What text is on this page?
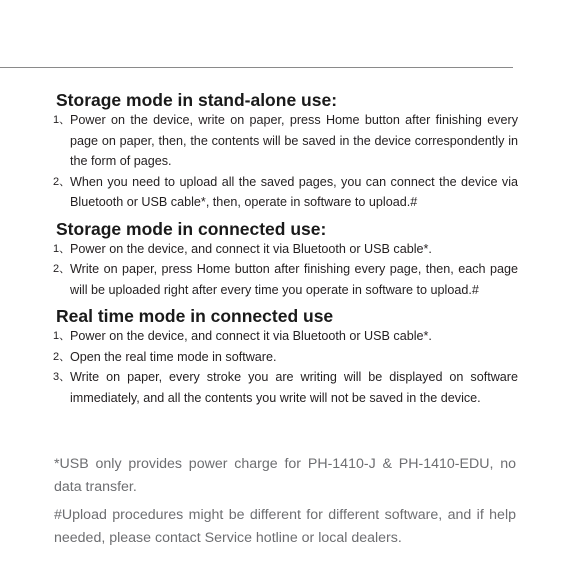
Storage mode in stand-alone use:
1、 Power on the device, write on paper, press Home button after finishing every page on paper, then, the contents will be saved in the device correspondently in the form of pages.
2、 When you need to upload all the saved pages, you can connect the device via Bluetooth or USB cable*, then, operate in software to upload.#
Storage mode in connected use:
1、 Power on the device, and connect it via Bluetooth or USB cable*.
2、 Write on paper, press Home button after finishing every page, then, each page will be uploaded right after every time you operate in software to upload.#
Real time mode in connected use
1、 Power on the device, and connect it via Bluetooth or USB cable*.
2、 Open the real time mode in software.
3、 Write on paper, every stroke you are writing will be displayed on software immediately, and all the contents you write will not be saved in the device.

*USB only provides power charge for PH-1410-J & PH-1410-EDU, no data transfer.

#Upload procedures might be different for different software, and if help needed, please contact Service hotline or local dealers.
